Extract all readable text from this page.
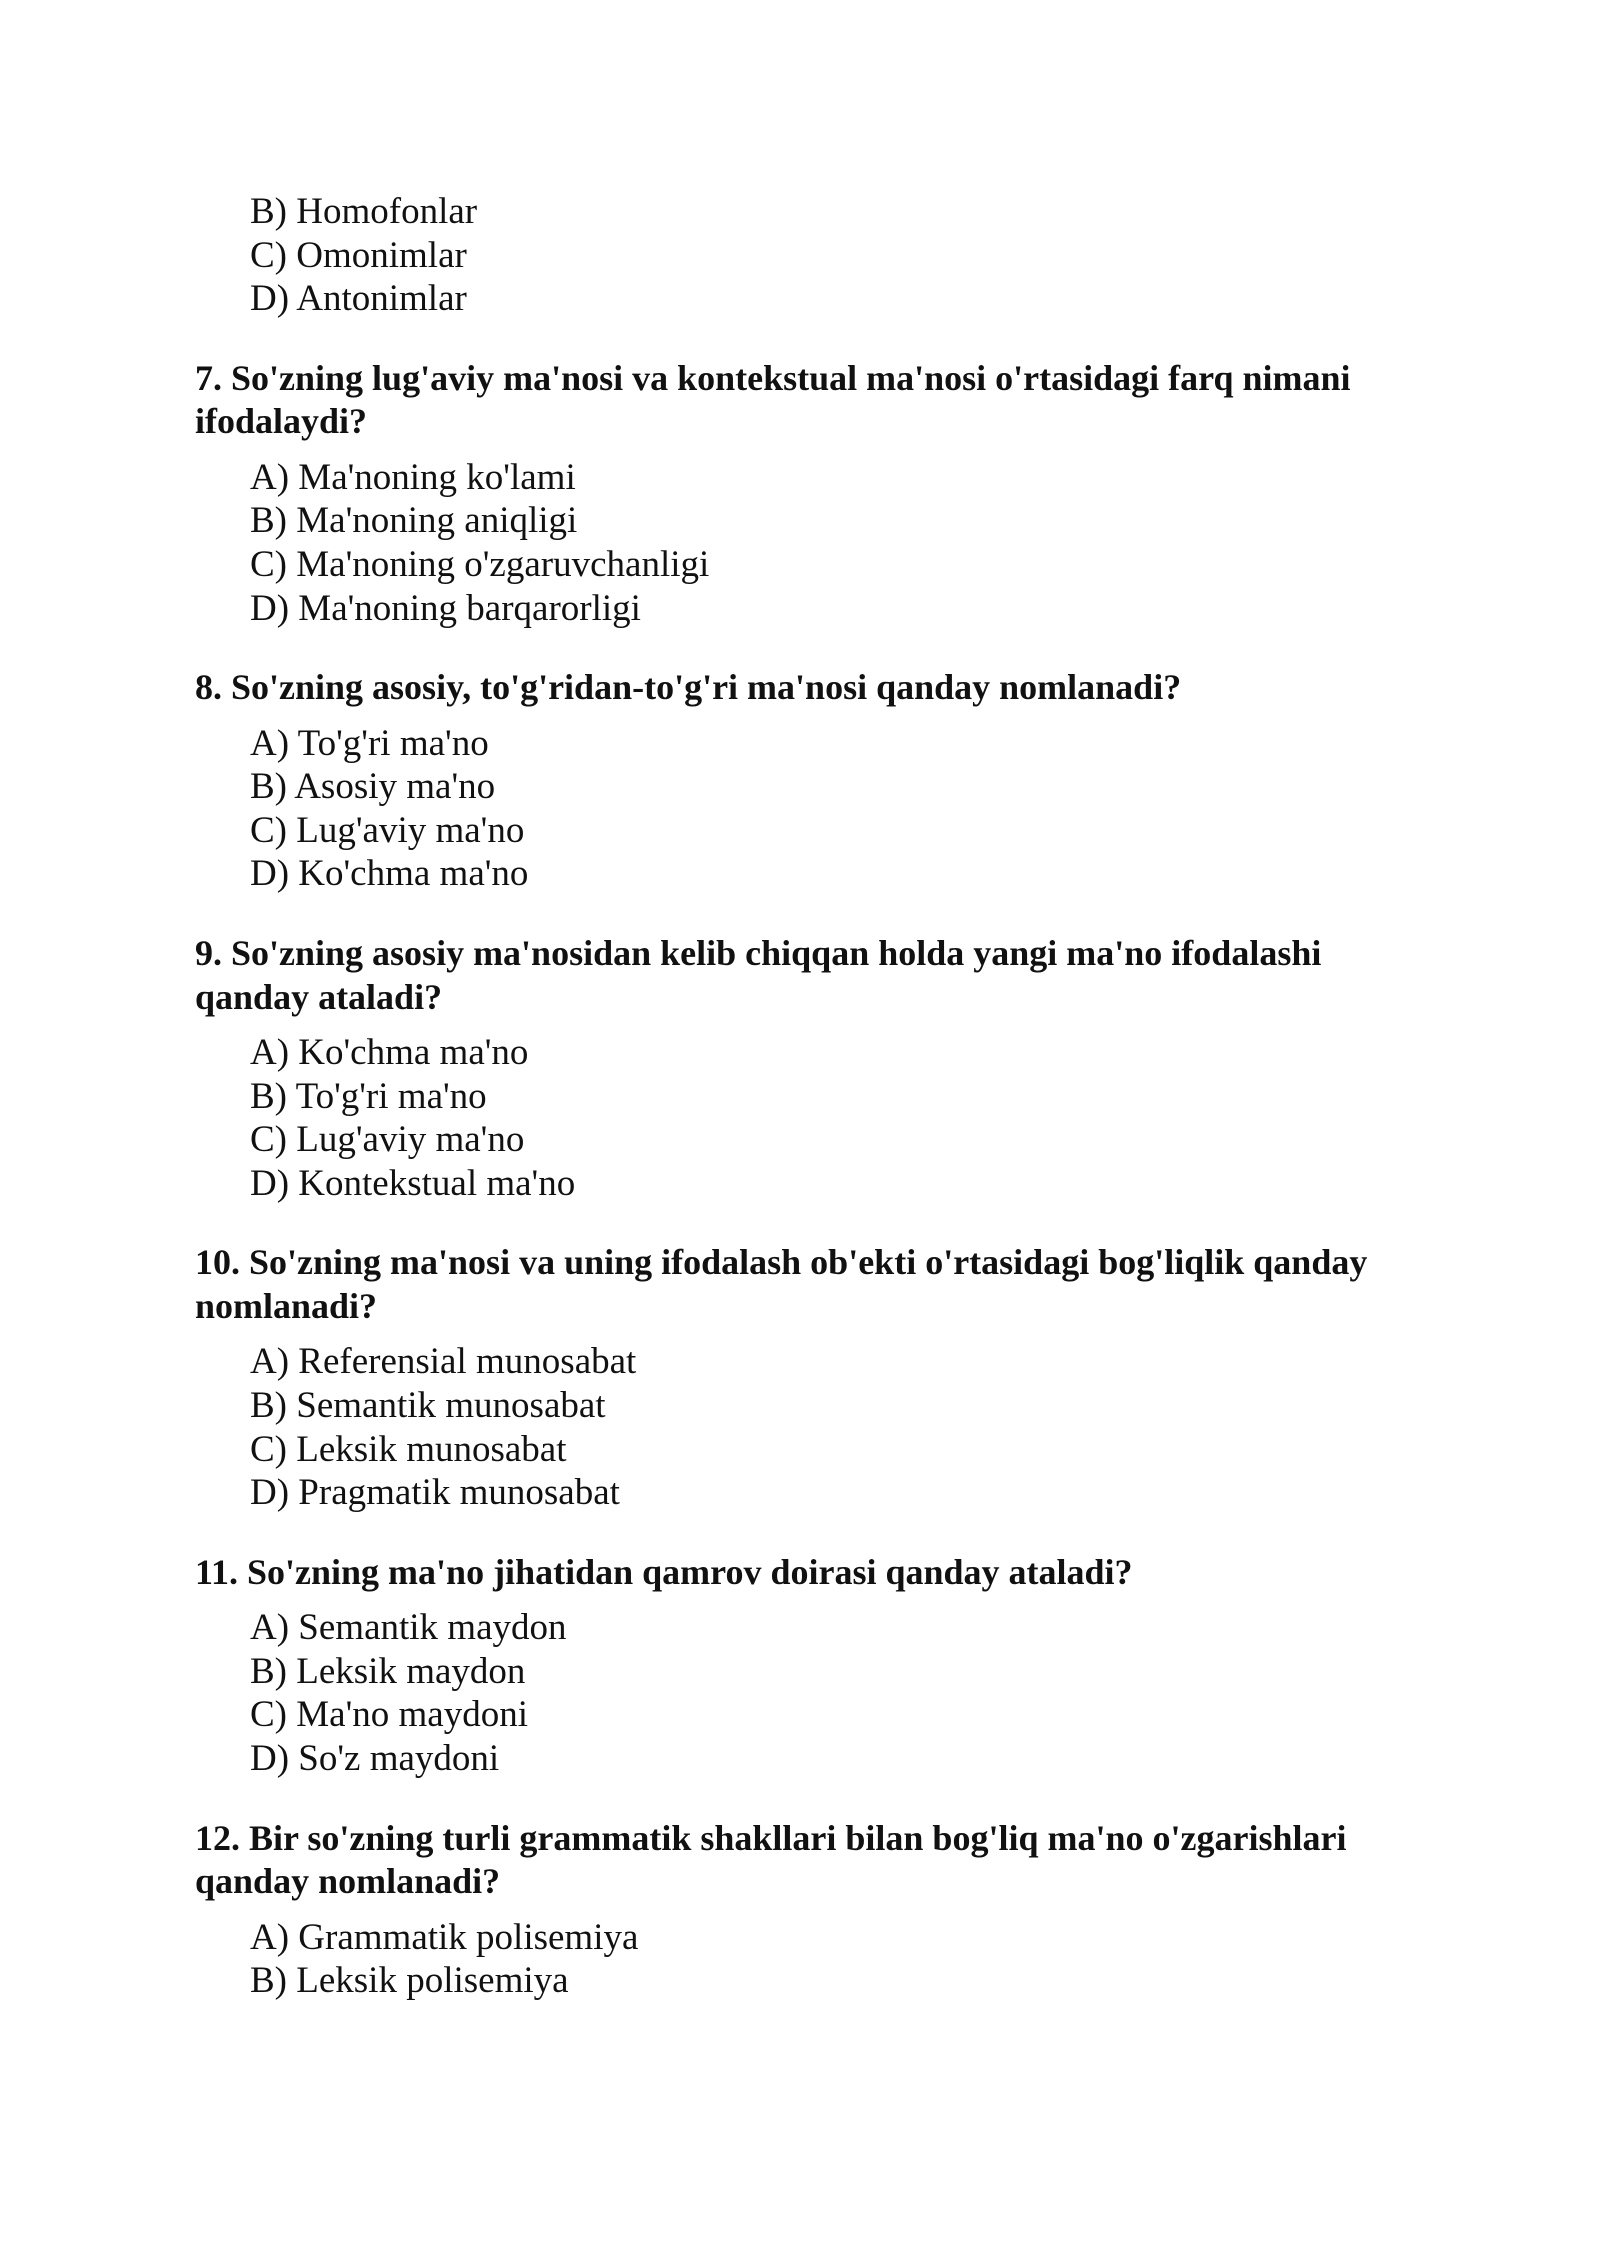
B) Homofonlar
C) Omonimlar
D) Antonimlar

7. So'zning lug'aviy ma'nosi va kontekstual ma'nosi o'rtasidagi farq nimani ifodalaydi?

A) Ma'noning ko'lami
B) Ma'noning aniqligi
C) Ma'noning o'zgaruvchanligi
D) Ma'noning barqarorligi

8. So'zning asosiy, to'g'ridan-to'g'ri ma'nosi qanday nomlanadi?

A) To'g'ri ma'no
B) Asosiy ma'no
C) Lug'aviy ma'no
D) Ko'chma ma'no

9. So'zning asosiy ma'nosidan kelib chiqqan holda yangi ma'no ifodalashi qanday ataladi?

A) Ko'chma ma'no
B) To'g'ri ma'no
C) Lug'aviy ma'no
D) Kontekstual ma'no

10. So'zning ma'nosi va uning ifodalash ob'ekti o'rtasidagi bog'liqlik qanday nomlanadi?

A) Referensial munosabat
B) Semantik munosabat
C) Leksik munosabat
D) Pragmatik munosabat

11. So'zning ma'no jihatidan qamrov doirasi qanday ataladi?

A) Semantik maydon
B) Leksik maydon
C) Ma'no maydoni
D) So'z maydoni

12. Bir so'zning turli grammatik shakllari bilan bog'liq ma'no o'zgarishlari qanday nomlanadi?

A) Grammatik polisemiya
B) Leksik polisemiya
